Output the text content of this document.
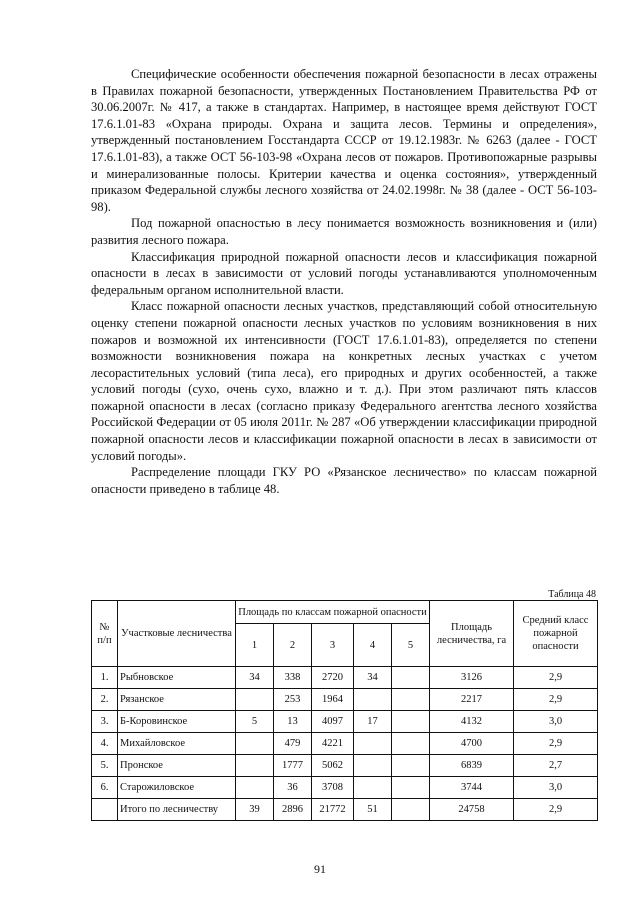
Специфические особенности обеспечения пожарной безопасности в лесах отражены в Правилах пожарной безопасности, утвержденных Постановлением Правительства РФ от 30.06.2007г. № 417, а также в стандартах. Например, в настоящее время действуют ГОСТ 17.6.1.01-83 «Охрана природы. Охрана и защита лесов. Термины и определения», утвержденный постановлением Госстандарта СССР от 19.12.1983г. № 6263 (далее - ГОСТ 17.6.1.01-83), а также ОСТ 56-103-98 «Охрана лесов от пожаров. Противопожарные разрывы и минерализованные полосы. Критерии качества и оценка состояния», утвержденный приказом Федеральной службы лесного хозяйства от 24.02.1998г. № 38 (далее - ОСТ 56-103-98).

Под пожарной опасностью в лесу понимается возможность возникновения и (или) развития лесного пожара.

Классификация природной пожарной опасности лесов и классификация пожарной опасности в лесах в зависимости от условий погоды устанавливаются уполномоченным федеральным органом исполнительной власти.

Класс пожарной опасности лесных участков, представляющий собой относительную оценку степени пожарной опасности лесных участков по условиям возникновения в них пожаров и возможной их интенсивности (ГОСТ 17.6.1.01-83), определяется по степени возможности возникновения пожара на конкретных лесных участках с учетом лесорастительных условий (типа леса), его природных и других особенностей, а также условий погоды (сухо, очень сухо, влажно и т. д.). При этом различают пять классов пожарной опасности в лесах (согласно приказу Федерального агентства лесного хозяйства Российской Федерации от 05 июля 2011г. № 287 «Об утверждении классификации природной пожарной опасности лесов и классификации пожарной опасности в лесах в зависимости от условий погоды».

Распределение площади ГКУ РО «Рязанское лесничество» по классам пожарной опасности приведено в таблице 48.

Таблица 48
№ п/п	Участковые лесничества	Площадь по классам пожарной опасности					Площадь лесничества, га	Средний класс пожарной опасности
		1	2	3	4	5		
1.	Рыбновское	34	338	2720	34		3126	2,9
2.	Рязанское		253	1964			2217	2,9
3.	Б-Коровинское	5	13	4097	17		4132	3,0
4.	Михайловское		479	4221			4700	2,9
5.	Пронское		1777	5062			6839	2,7
6.	Старожиловское		36	3708			3744	3,0
	Итого по лесничеству	39	2896	21772	51		24758	2,9
91
